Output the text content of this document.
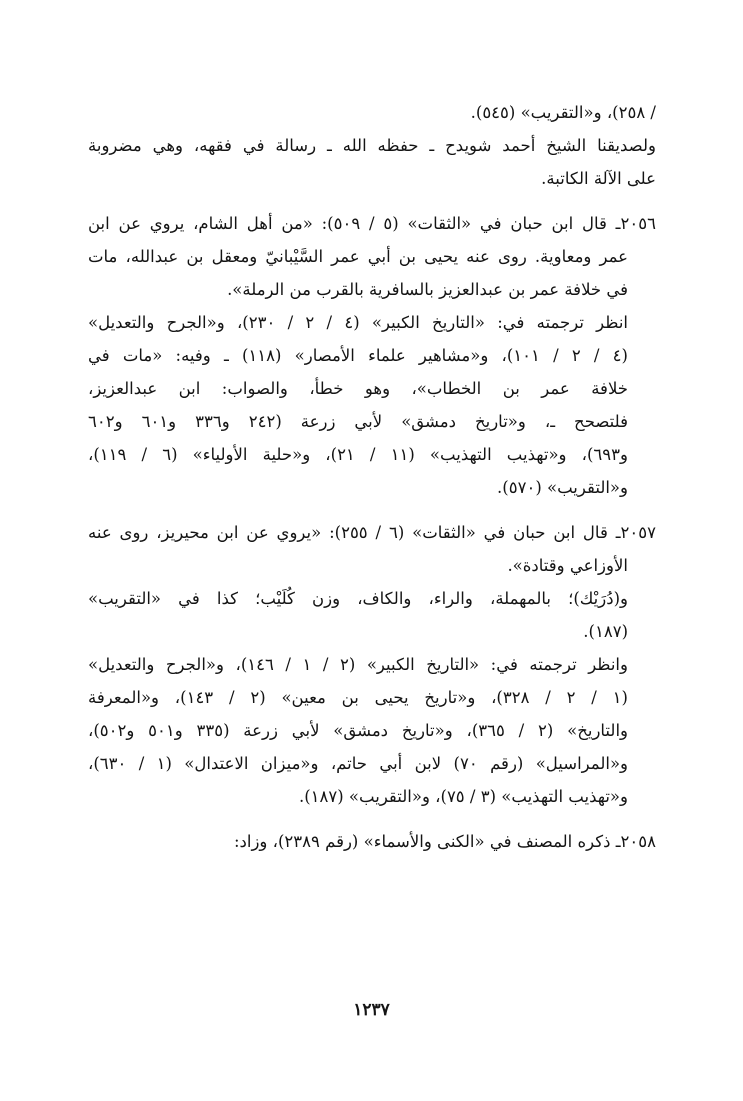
/ ٢٥٨)، و«التقريب» (٥٤٥).
ولصديقنا الشيخ أحمد شويدح ـ حفظه الله ـ رسالة في فقهه، وهي مضروبة
على الآلة الكاتبة.
٢٠٥٦ـ قال ابن حبان في «الثقات» (٥ / ٥٠٩): «من أهل الشام، يروي عن ابن
عمر ومعاوية. روى عنه يحيى بن أبي عمر السَّيْبانيّ ومعقل بن عبدالله، مات
في خلافة عمر بن عبدالعزيز بالسافرية بالقرب من الرملة».
انظر ترجمته في: «التاريخ الكبير» (٤ / ٢ / ٢٣٠)، و«الجرح والتعديل»
(٤ / ٢ / ١٠١)، و«مشاهير علماء الأمصار» (١١٨) ـ وفيه: «مات في
خلافة عمر بن الخطاب»، وهو خطأ، والصواب: ابن عبدالعزيز،
فلتصحح ـ، و«تاريخ دمشق» لأبي زرعة (٢٤٢ و٣٣٦ و٦٠١ و٦٠٢
و٦٩٣)، و«تهذيب التهذيب» (١١ / ٢١)، و«حلية الأولياء» (٦ / ١١٩)،
و«التقريب» (٥٧٠).
٢٠٥٧ـ قال ابن حبان في «الثقات» (٦ / ٢٥٥): «يروي عن ابن محيريز، روى عنه
الأوزاعي وقتادة».
و(دُرَيْك)؛ بالمهملة، والراء، والكاف، وزن كُلَيْب؛ كذا في «التقريب»
(١٨٧).
وانظر ترجمته في: «التاريخ الكبير» (٢ / ١ / ١٤٦)، و«الجرح والتعديل»
(١ / ٢ / ٣٢٨)، و«تاريخ يحيى بن معين» (٢ / ١٤٣)، و«المعرفة
والتاريخ» (٢ / ٣٦٥)، و«تاريخ دمشق» لأبي زرعة (٣٣٥ و٥٠١ و٥٠٢)،
و«المراسيل» (رقم ٧٠) لابن أبي حاتم، و«ميزان الاعتدال» (١ / ٦٣٠)،
و«تهذيب التهذيب» (٣ / ٧٥)، و«التقريب» (١٨٧).
٢٠٥٨ـ ذكره المصنف في «الكنى والأسماء» (رقم ٢٣٨٩)، وزاد:
١٢٣٧
